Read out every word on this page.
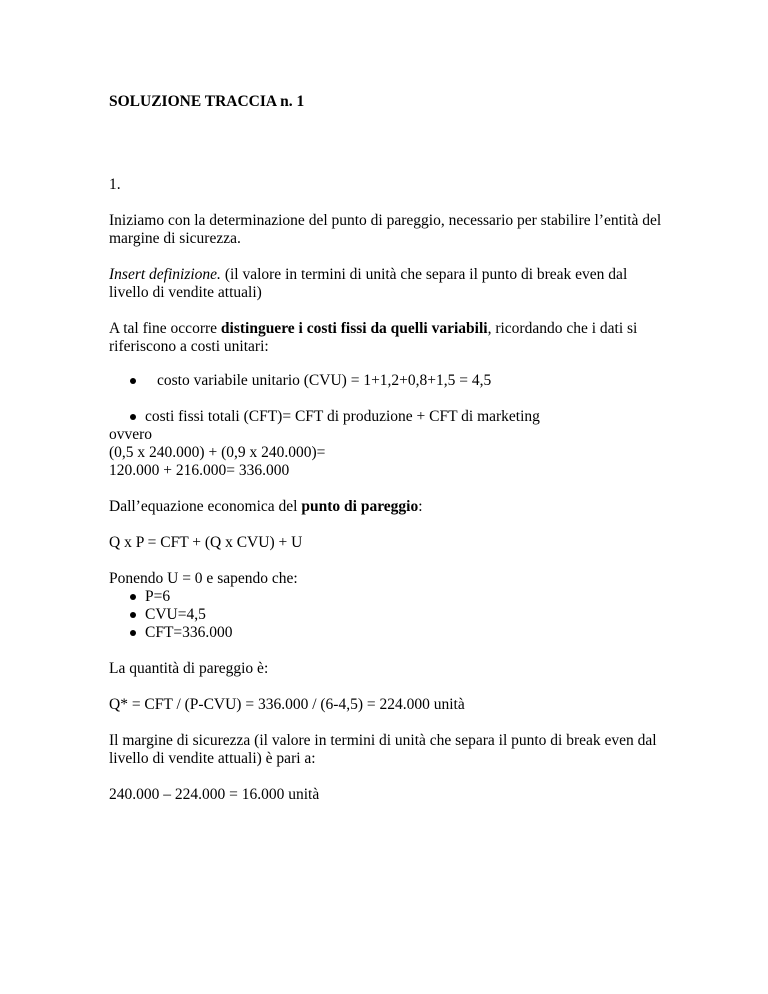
SOLUZIONE TRACCIA n. 1
1.
Iniziamo con la determinazione del punto di pareggio, necessario per stabilire l’entità del
margine di sicurezza.
Insert definizione. (il valore in termini di unità che separa il punto di break even dal
livello di vendite attuali)
A tal fine occorre distinguere i costi fissi da quelli variabili, ricordando che i dati si
riferiscono a costi unitari:
costo variabile unitario (CVU) = 1+1,2+0,8+1,5 = 4,5
costi fissi totali (CFT)= CFT di produzione + CFT di marketing
ovvero
(0,5 x 240.000) + (0,9 x 240.000)=
120.000 + 216.000= 336.000
Dall’equazione economica del punto di pareggio:
Q x P = CFT + (Q x CVU) + U
Ponendo U = 0 e sapendo che:
P=6
CVU=4,5
CFT=336.000
La quantità di pareggio è:
Q* = CFT / (P-CVU) = 336.000 / (6-4,5) = 224.000 unità
Il margine di sicurezza (il valore in termini di unità che separa il punto di break even dal
livello di vendite attuali) è pari a:
240.000 – 224.000 = 16.000 unità
